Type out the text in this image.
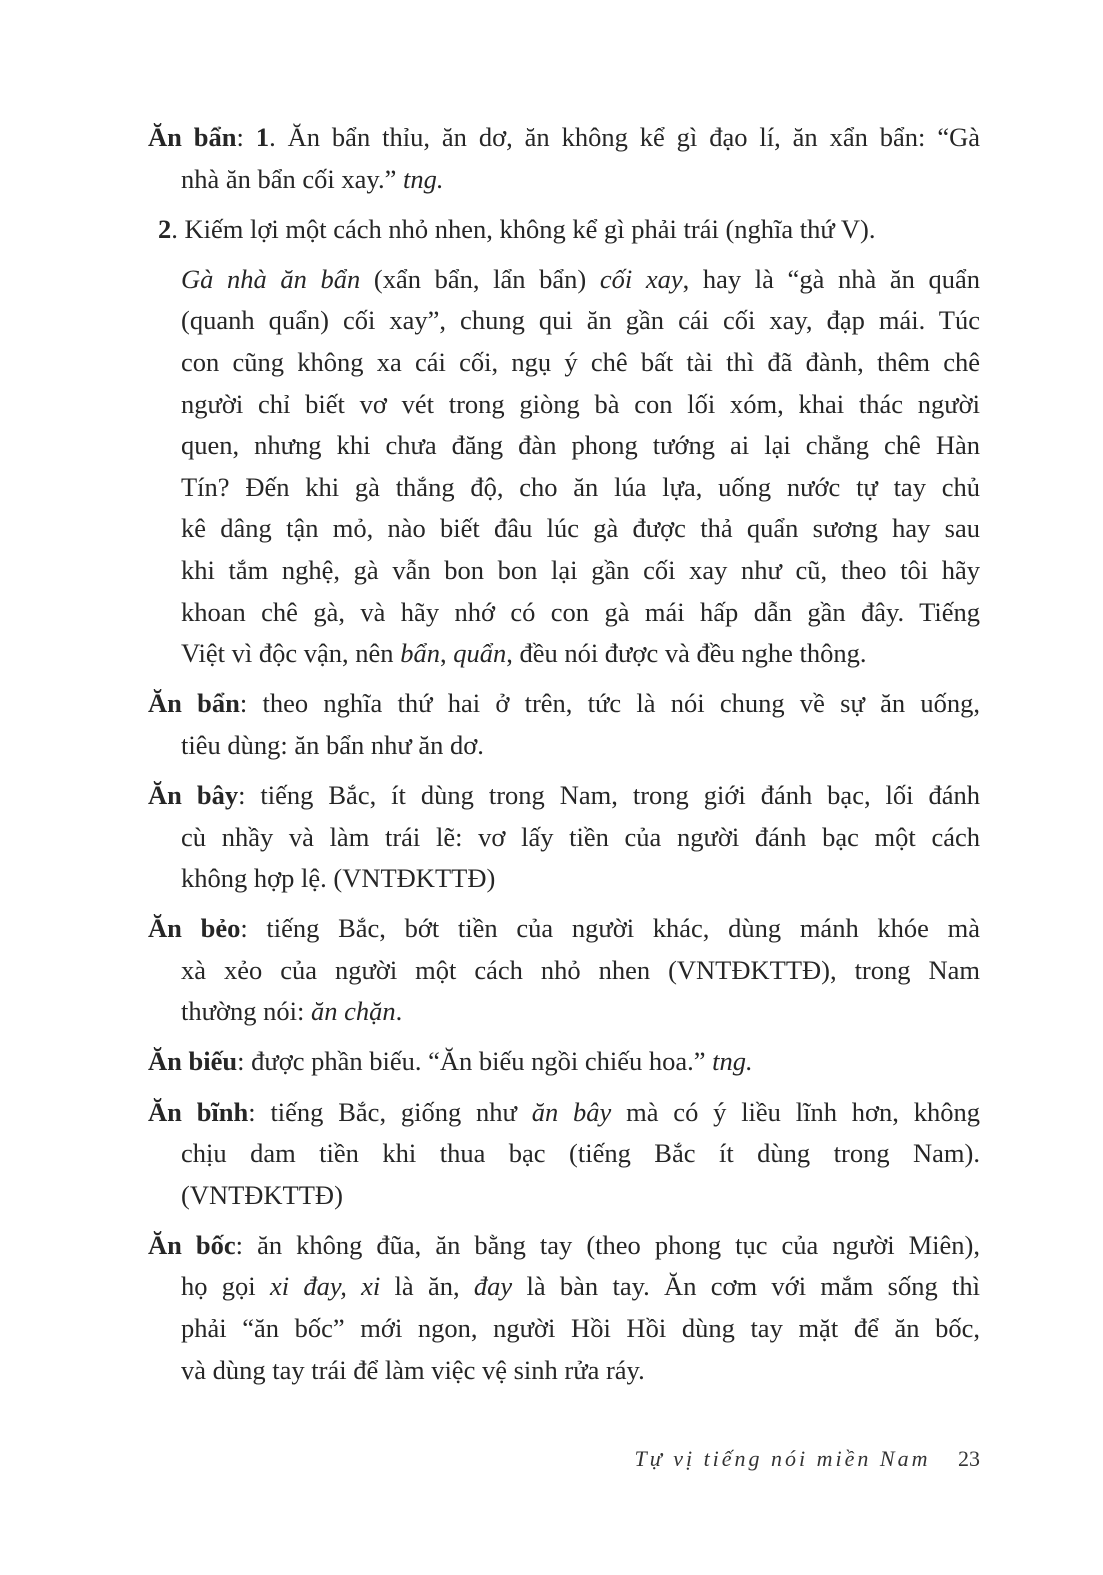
Ăn bẩn: 1. Ăn bẩn thỉu, ăn dơ, ăn không kể gì đạo lí, ăn xẩn bẩn: “Gà
nhà ăn bẩn cối xay.” tng.
2. Kiếm lợi một cách nhỏ nhen, không kể gì phải trái (nghĩa thứ V).
Gà nhà ăn bẩn (xẩn bẩn, lẩn bẩn) cối xay, hay là “gà nhà ăn quẩn
(quanh quẩn) cối xay”, chung qui ăn gần cái cối xay, đạp mái. Túc
con cũng không xa cái cối, ngụ ý chê bất tài thì đã đành, thêm chê
người chỉ biết vơ vét trong giòng bà con lối xóm, khai thác người
quen, nhưng khi chưa đăng đàn phong tướng ai lại chẳng chê Hàn
Tín? Đến khi gà thắng độ, cho ăn lúa lựa, uống nước tự tay chủ
kê dâng tận mỏ, nào biết đâu lúc gà được thả quẩn sương hay sau
khi tắm nghệ, gà vẫn bon bon lại gần cối xay như cũ, theo tôi hãy
khoan chê gà, và hãy nhớ có con gà mái hấp dẫn gần đây. Tiếng
Việt vì độc vận, nên bẩn, quẩn, đều nói được và đều nghe thông.
Ăn bẩn: theo nghĩa thứ hai ở trên, tức là nói chung về sự ăn uống,
tiêu dùng: ăn bẩn như ăn dơ.
Ăn bây: tiếng Bắc, ít dùng trong Nam, trong giới đánh bạc, lối đánh
cù nhầy và làm trái lẽ: vơ lấy tiền của người đánh bạc một cách
không hợp lệ. (VNTĐKTTĐ)
Ăn bẻo: tiếng Bắc, bớt tiền của người khác, dùng mánh khóe mà
xà xẻo của người một cách nhỏ nhen (VNTĐKTTĐ), trong Nam
thường nói: ăn chặn.
Ăn biếu: được phần biếu. “Ăn biếu ngồi chiếu hoa.” tng.
Ăn bĩnh: tiếng Bắc, giống như ăn bây mà có ý liều lĩnh hơn, không
chịu dam tiền khi thua bạc (tiếng Bắc ít dùng trong Nam).
(VNTĐKTTĐ)
Ăn bốc: ăn không đũa, ăn bằng tay (theo phong tục của người Miên),
họ gọi xi đay, xi là ăn, đay là bàn tay. Ăn cơm với mắm sống thì
phải “ăn bốc” mới ngon, người Hồi Hồi dùng tay mặt để ăn bốc,
và dùng tay trái để làm việc vệ sinh rửa ráy.
Tự vị tiếng nói miền Nam 23
